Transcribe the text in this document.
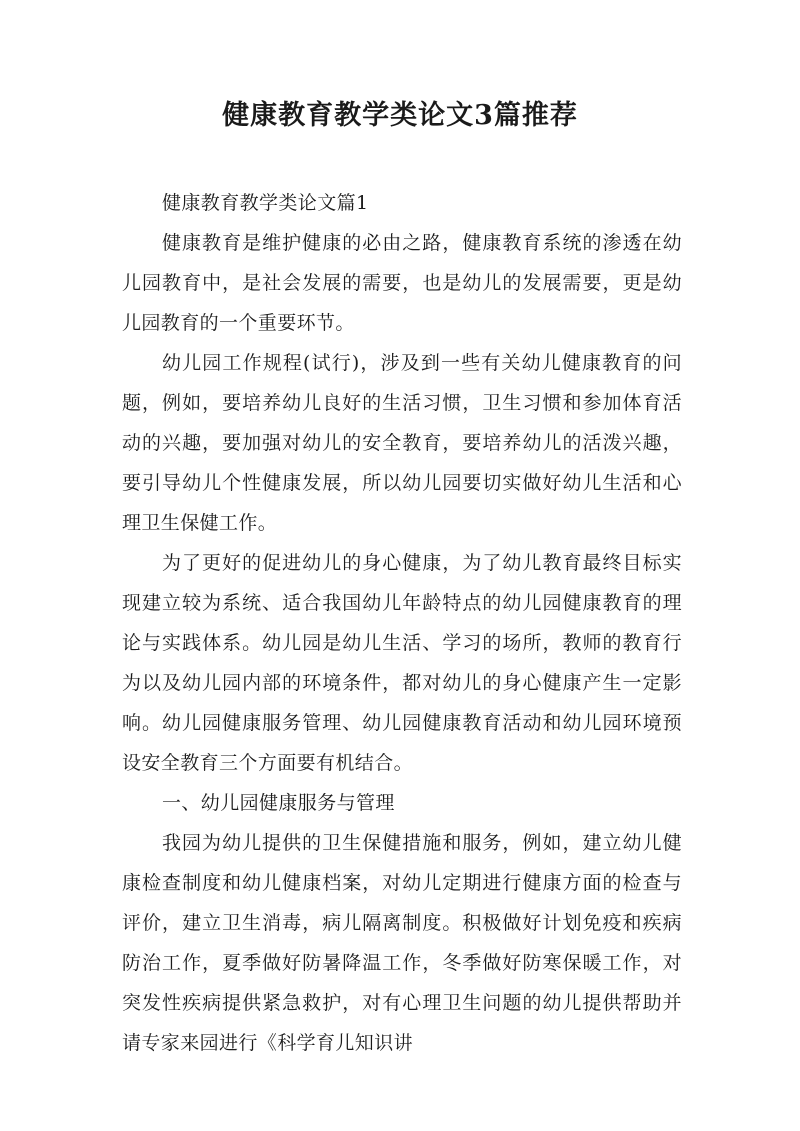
健康教育教学类论文3篇推荐

健康教育教学类论文篇1

健康教育是维护健康的必由之路，健康教育系统的渗透在幼儿园教育中，是社会发展的需要，也是幼儿的发展需要，更是幼儿园教育的一个重要环节。

幼儿园工作规程(试行)，涉及到一些有关幼儿健康教育的问题，例如，要培养幼儿良好的生活习惯，卫生习惯和参加体育活动的兴趣，要加强对幼儿的安全教育，要培养幼儿的活泼兴趣，要引导幼儿个性健康发展，所以幼儿园要切实做好幼儿生活和心理卫生保健工作。

为了更好的促进幼儿的身心健康，为了幼儿教育最终目标实现建立较为系统、适合我国幼儿年龄特点的幼儿园健康教育的理论与实践体系。幼儿园是幼儿生活、学习的场所，教师的教育行为以及幼儿园内部的环境条件，都对幼儿的身心健康产生一定影响。幼儿园健康服务管理、幼儿园健康教育活动和幼儿园环境预设安全教育三个方面要有机结合。

一、幼儿园健康服务与管理

我园为幼儿提供的卫生保健措施和服务，例如，建立幼儿健康检查制度和幼儿健康档案，对幼儿定期进行健康方面的检查与评价，建立卫生消毒，病儿隔离制度。积极做好计划免疫和疾病防治工作，夏季做好防暑降温工作，冬季做好防寒保暖工作，对突发性疾病提供紧急救护，对有心理卫生问题的幼儿提供帮助并请专家来园进行《科学育儿知识讲
